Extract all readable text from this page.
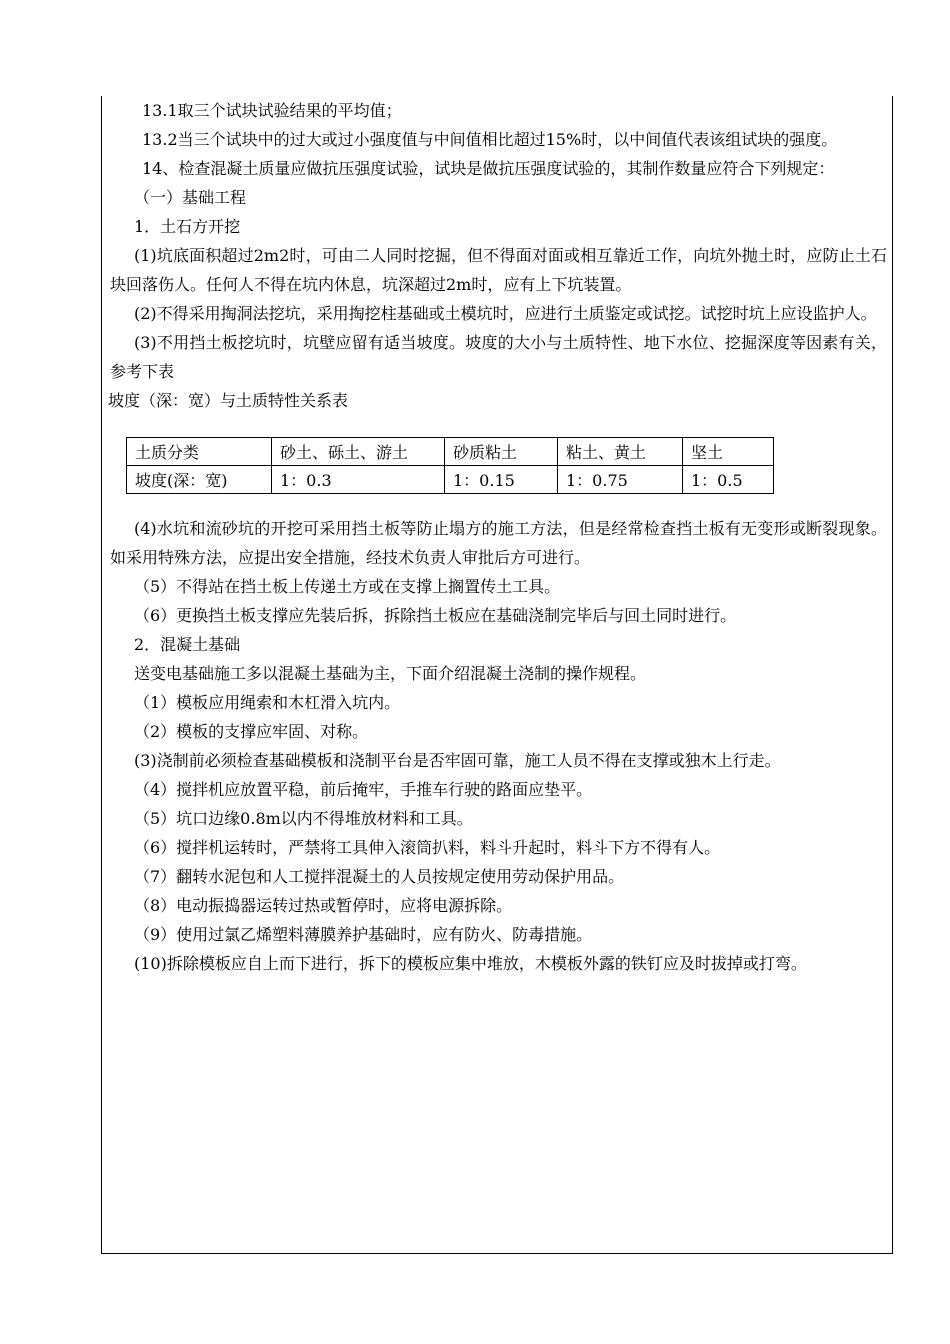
13.1取三个试块试验结果的平均值；

13.2当三个试块中的过大或过小强度值与中间值相比超过15%时，以中间值代表该组试块的强度。

14、检查混凝土质量应做抗压强度试验，试块是做抗压强度试验的，其制作数量应符合下列规定：

（一）基础工程

1．土石方开挖

(1)坑底面积超过2m2时，可由二人同时挖掘，但不得面对面或相互靠近工作，向坑外抛土时，应防止土石块回落伤人。任何人不得在坑内休息，坑深超过2m时，应有上下坑装置。

(2)不得采用掏洞法挖坑，采用掏挖柱基础或土模坑时，应进行土质鉴定或试挖。试挖时坑上应设监护人。

(3)不用挡土板挖坑时，坑壁应留有适当坡度。坡度的大小与土质特性、地下水位、挖掘深度等因素有关，参考下表

坡度（深：宽）与土质特性关系表

土质分类	砂土、砾土、游土	砂质粘土	粘土、黄土	坚土
坡度(深：宽)	1：0.3	1：0.15	1：0.75	1：0.5

(4)水坑和流砂坑的开挖可采用挡土板等防止塌方的施工方法，但是经常检查挡土板有无变形或断裂现象。如采用特殊方法，应提出安全措施，经技术负责人审批后方可进行。

（5）不得站在挡土板上传递土方或在支撑上搁置传土工具。

（6）更换挡土板支撑应先装后拆，拆除挡土板应在基础浇制完毕后与回土同时进行。

2．混凝土基础

送变电基础施工多以混凝土基础为主，下面介绍混凝土浇制的操作规程。

（1）模板应用绳索和木杠滑入坑内。

（2）模板的支撑应牢固、对称。

(3)浇制前必须检查基础模板和浇制平台是否牢固可靠，施工人员不得在支撑或独木上行走。

（4）搅拌机应放置平稳，前后掩牢，手推车行驶的路面应垫平。

（5）坑口边缘0.8m以内不得堆放材料和工具。

（6）搅拌机运转时，严禁将工具伸入滚筒扒料，料斗升起时，料斗下方不得有人。

（7）翻转水泥包和人工搅拌混凝土的人员按规定使用劳动保护用品。

（8）电动振捣器运转过热或暂停时，应将电源拆除。

（9）使用过氯乙烯塑料薄膜养护基础时，应有防火、防毒措施。

(10)拆除模板应自上而下进行，拆下的模板应集中堆放，木模板外露的铁钉应及时拔掉或打弯。
